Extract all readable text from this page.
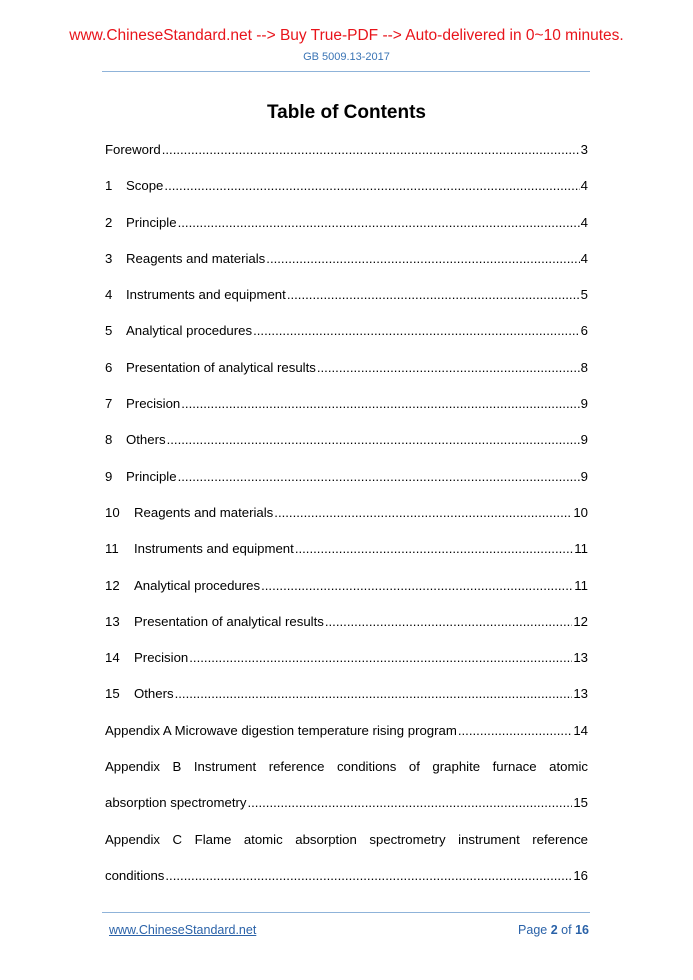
www.ChineseStandard.net --> Buy True-PDF --> Auto-delivered in 0~10 minutes.
GB 5009.13-2017
Table of Contents
Foreword .....	3
1 Scope .....	4
2 Principle .....	4
3 Reagents and materials .....	4
4 Instruments and equipment .....	5
5 Analytical procedures .....	6
6 Presentation of analytical results .....	8
7 Precision .....	9
8 Others .....	9
9 Principle .....	9
10 Reagents and materials .....	10
11 Instruments and equipment .....	11
12 Analytical procedures .....	11
13 Presentation of analytical results .....	12
14 Precision .....	13
15 Others .....	13
Appendix A Microwave digestion temperature rising program .....	14
Appendix B Instrument reference conditions of graphite furnace atomic
absorption spectrometry .....	15
Appendix C Flame atomic absorption spectrometry instrument reference
conditions .....	16
www.ChineseStandard.net	Page 2 of 16
